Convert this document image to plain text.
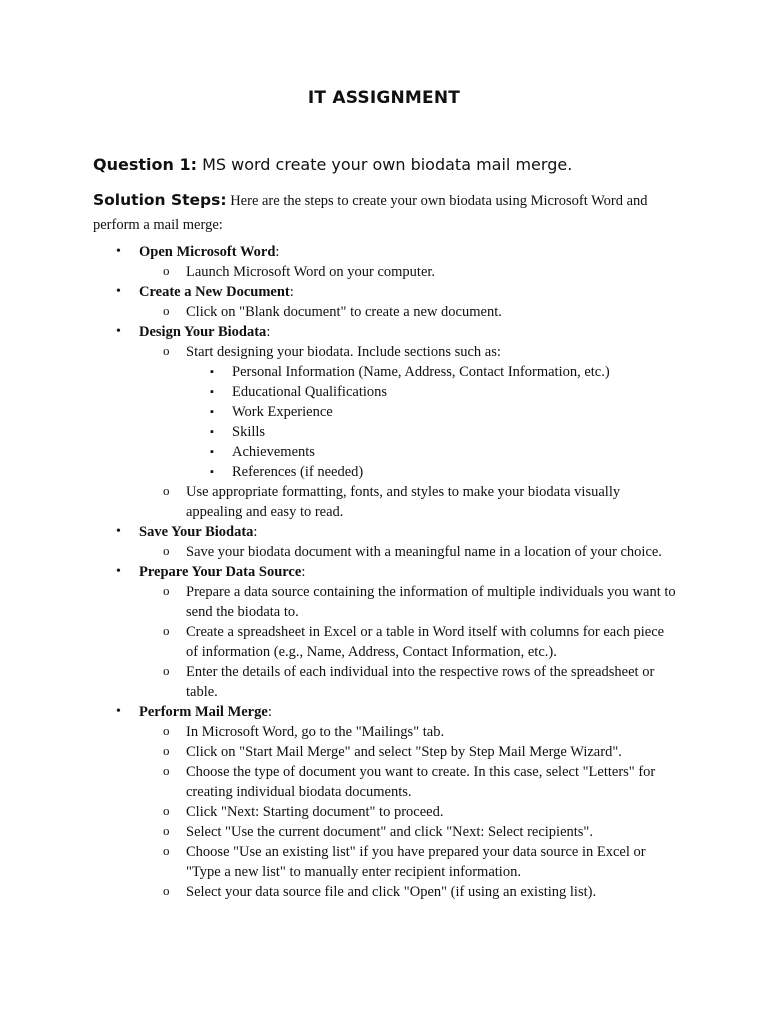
IT ASSIGNMENT
Question 1: MS word create your own biodata mail merge.
Solution Steps: Here are the steps to create your own biodata using Microsoft Word and perform a mail merge:
• Open Microsoft Word:
o Launch Microsoft Word on your computer.
• Create a New Document:
o Click on "Blank document" to create a new document.
• Design Your Biodata:
o Start designing your biodata. Include sections such as:
▪ Personal Information (Name, Address, Contact Information, etc.)
▪ Educational Qualifications
▪ Work Experience
▪ Skills
▪ Achievements
▪ References (if needed)
o Use appropriate formatting, fonts, and styles to make your biodata visually appealing and easy to read.
• Save Your Biodata:
o Save your biodata document with a meaningful name in a location of your choice.
• Prepare Your Data Source:
o Prepare a data source containing the information of multiple individuals you want to send the biodata to.
o Create a spreadsheet in Excel or a table in Word itself with columns for each piece of information (e.g., Name, Address, Contact Information, etc.).
o Enter the details of each individual into the respective rows of the spreadsheet or table.
• Perform Mail Merge:
o In Microsoft Word, go to the "Mailings" tab.
o Click on "Start Mail Merge" and select "Step by Step Mail Merge Wizard".
o Choose the type of document you want to create. In this case, select "Letters" for creating individual biodata documents.
o Click "Next: Starting document" to proceed.
o Select "Use the current document" and click "Next: Select recipients".
o Choose "Use an existing list" if you have prepared your data source in Excel or "Type a new list" to manually enter recipient information.
o Select your data source file and click "Open" (if using an existing list).
